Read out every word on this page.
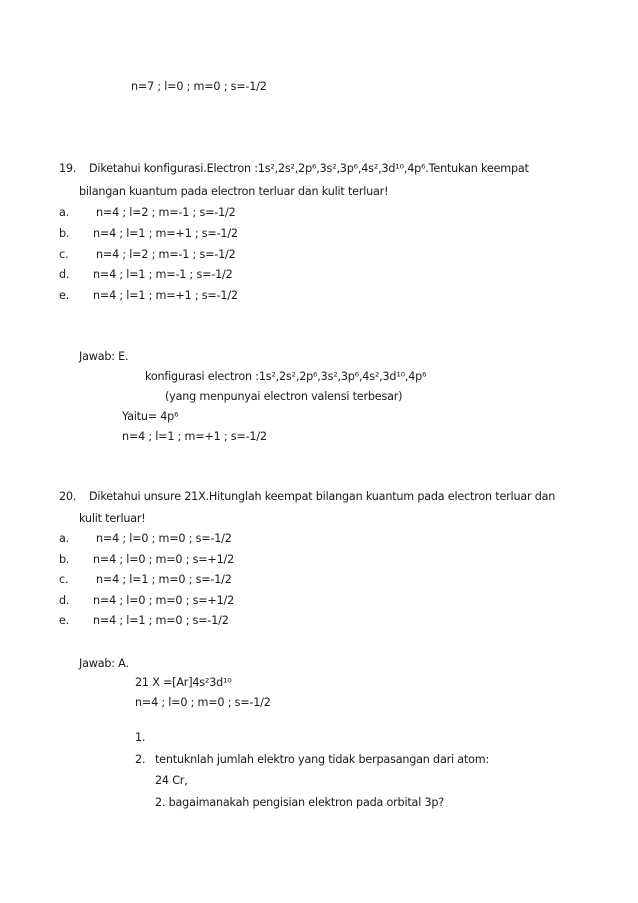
n=7 ; l=0 ; m=0 ; s=-1/2
19. Diketahui konfigurasi.Electron :1s²,2s²,2p⁶,3s²,3p⁶,4s²,3d¹⁰,4p⁶.Tentukan keempat
bilangan kuantum pada electron terluar dan kulit terluar!
a. n=4 ; l=2 ; m=-1 ; s=-1/2
b. n=4 ; l=1 ; m=+1 ; s=-1/2
c. n=4 ; l=2 ; m=-1 ; s=-1/2
d. n=4 ; l=1 ; m=-1 ; s=-1/2
e. n=4 ; l=1 ; m=+1 ; s=-1/2
Jawab: E.
konfigurasi electron :1s²,2s²,2p⁶,3s²,3p⁶,4s²,3d¹⁰,4p⁶
(yang menpunyai electron valensi terbesar)
Yaitu= 4p⁶
n=4 ; l=1 ; m=+1 ; s=-1/2
20. Diketahui unsure 21X.Hitunglah keempat bilangan kuantum pada electron terluar dan
kulit terluar!
a. n=4 ; l=0 ; m=0 ; s=-1/2
b. n=4 ; l=0 ; m=0 ; s=+1/2
c. n=4 ; l=1 ; m=0 ; s=-1/2
d. n=4 ; l=0 ; m=0 ; s=+1/2
e. n=4 ; l=1 ; m=0 ; s=-1/2
Jawab: A.
21 X =[Ar]4s²3d¹⁰
n=4 ; l=0 ; m=0 ; s=-1/2
1.
2. tentuknlah jumlah elektro yang tidak berpasangan dari atom:
24 Cr,
2. bagaimanakah pengisian elektron pada orbital 3p?
